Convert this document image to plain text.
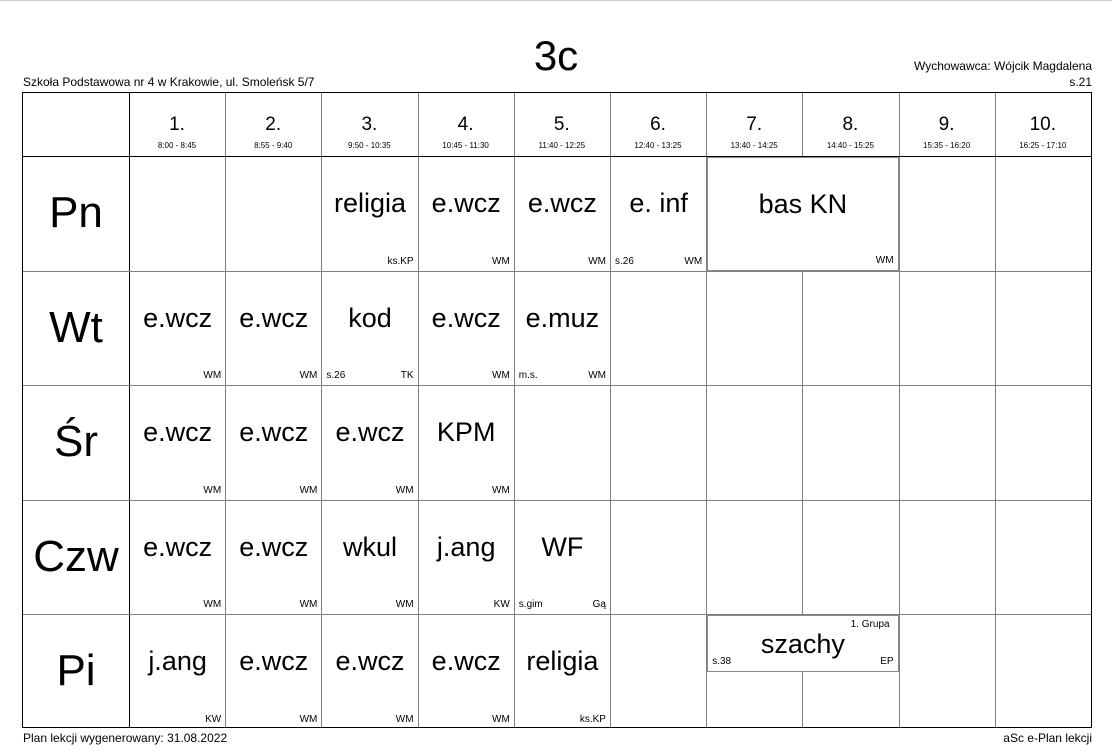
3c
Szkoła Podstawowa nr 4 w Krakowie, ul. Smoleńsk 5/7
Wychowawca: Wójcik Magdalena
s.21
1.
8:00 - 8:45
2.
8:55 - 9:40
3.
9:50 - 10:35
4.
10:45 - 11:30
5.
11:40 - 12:25
6.
12:40 - 13:25
7.
13:40 - 14:25
8.
14:40 - 15:25
9.
15:35 - 16:20
10.
16:25 - 17:10
Pn
Wt
Śr
Czw
Pi
religia
ks.KP
e.wcz
WM
e.wcz
WM
e. inf
WM
s.26
bas KN
WM
e.wcz
WM
e.wcz
WM
kod
TK
s.26
e.wcz
WM
e.muz
WM
m.s.
e.wcz
WM
e.wcz
WM
e.wcz
WM
KPM
WM
e.wcz
WM
e.wcz
WM
wkul
WM
j.ang
KW
WF
Gą
s.gim
j.ang
KW
e.wcz
WM
e.wcz
WM
e.wcz
WM
religia
ks.KP
szachy
EP
s.38
1. Grupa
Plan lekcji wygenerowany: 31.08.2022	aSc e-Plan lekcji
